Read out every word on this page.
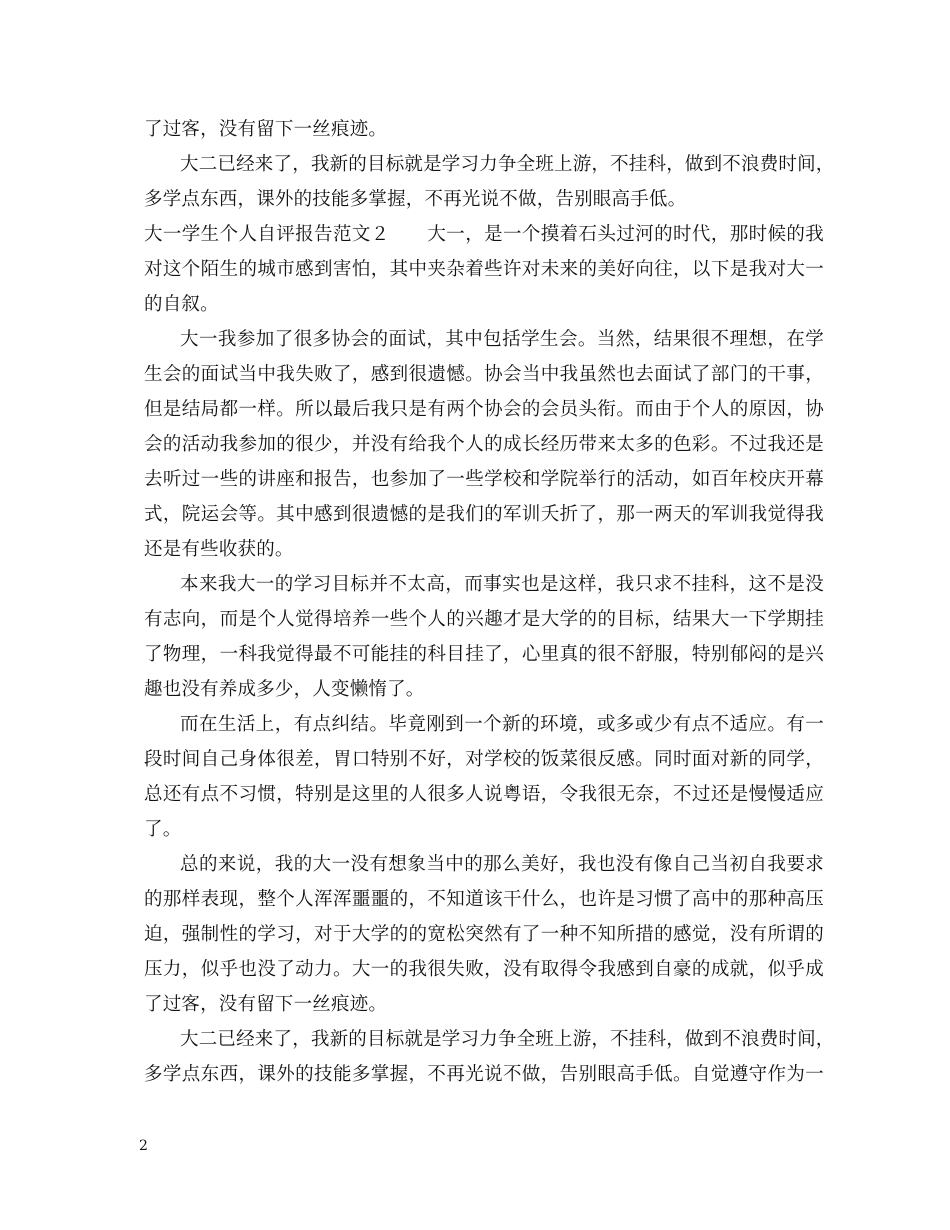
了过客，没有留下一丝痕迹。
大二已经来了，我新的目标就是学习力争全班上游，不挂科，做到不浪费时间，
多学点东西，课外的技能多掌握，不再光说不做，告别眼高手低。
大一学生个人自评报告范文２　　大一，是一个摸着石头过河的时代，那时候的我
对这个陌生的城市感到害怕，其中夹杂着些许对未来的美好向往，以下是我对大一
的自叙。
大一我参加了很多协会的面试，其中包括学生会。当然，结果很不理想，在学
生会的面试当中我失败了，感到很遗憾。协会当中我虽然也去面试了部门的干事，
但是结局都一样。所以最后我只是有两个协会的会员头衔。而由于个人的原因，协
会的活动我参加的很少，并没有给我个人的成长经历带来太多的色彩。不过我还是
去听过一些的讲座和报告，也参加了一些学校和学院举行的活动，如百年校庆开幕
式，院运会等。其中感到很遗憾的是我们的军训夭折了，那一两天的军训我觉得我
还是有些收获的。
本来我大一的学习目标并不太高，而事实也是这样，我只求不挂科，这不是没
有志向，而是个人觉得培养一些个人的兴趣才是大学的的目标，结果大一下学期挂
了物理，一科我觉得最不可能挂的科目挂了，心里真的很不舒服，特别郁闷的是兴
趣也没有养成多少，人变懒惰了。
而在生活上，有点纠结。毕竟刚到一个新的环境，或多或少有点不适应。有一
段时间自己身体很差，胃口特别不好，对学校的饭菜很反感。同时面对新的同学，
总还有点不习惯，特别是这里的人很多人说粤语，令我很无奈，不过还是慢慢适应
了。
总的来说，我的大一没有想象当中的那么美好，我也没有像自己当初自我要求
的那样表现，整个人浑浑噩噩的，不知道该干什么，也许是习惯了高中的那种高压
迫，强制性的学习，对于大学的的宽松突然有了一种不知所措的感觉，没有所谓的
压力，似乎也没了动力。大一的我很失败，没有取得令我感到自豪的成就，似乎成
了过客，没有留下一丝痕迹。
大二已经来了，我新的目标就是学习力争全班上游，不挂科，做到不浪费时间，
多学点东西，课外的技能多掌握，不再光说不做，告别眼高手低。自觉遵守作为一
2
